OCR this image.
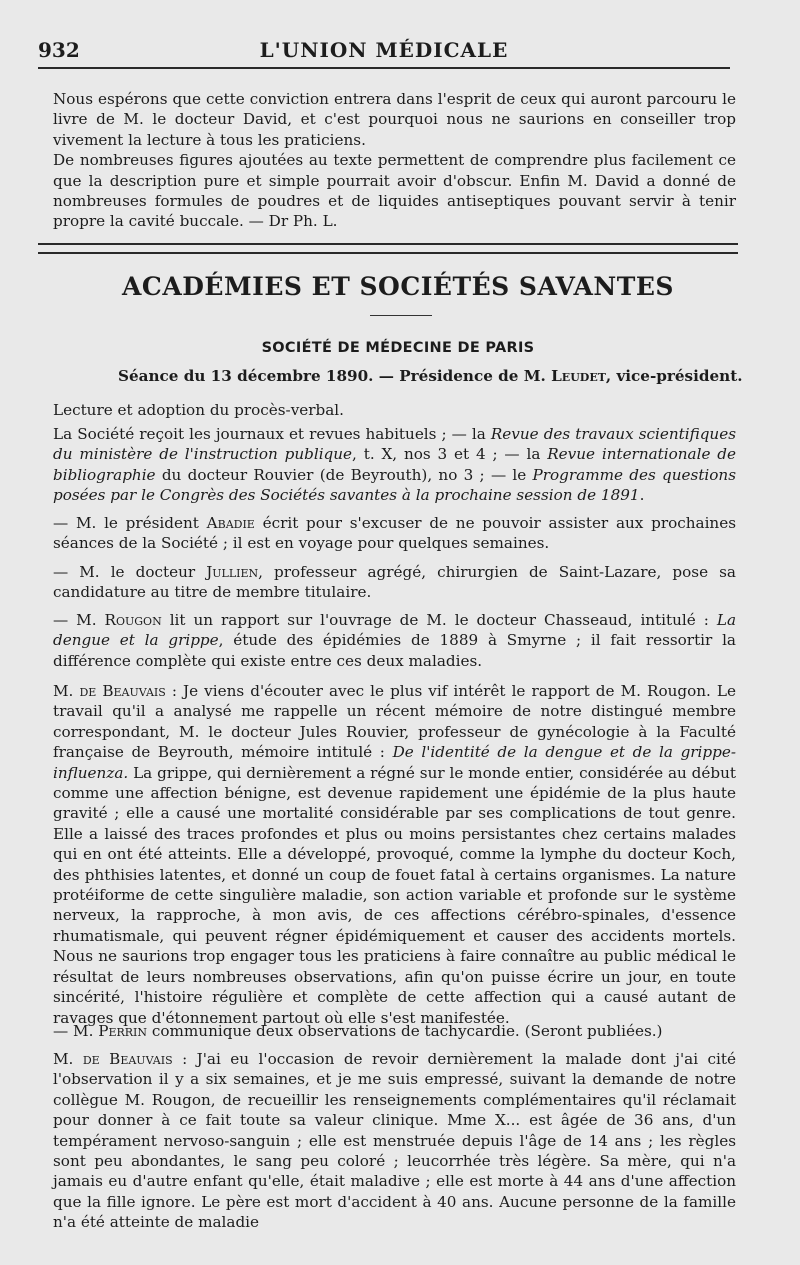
L'UNION MÉDICALE
932

Nous espérons que cette conviction entrera dans l'esprit de ceux qui auront parcouru le livre de M. le docteur David, et c'est pourquoi nous ne saurions en conseiller trop vivement la lecture à tous les praticiens.

De nombreuses figures ajoutées au texte permettent de comprendre plus facilement ce que la description pure et simple pourrait avoir d'obscur. Enfin M. David a donné de nombreuses formules de poudres et de liquides antiseptiques pouvant servir à tenir propre la cavité buccale. — Dr Ph. L.

ACADÉMIES ET SOCIÉTÉS SAVANTES
SOCIÉTÉ DE MÉDECINE DE PARIS
Séance du 13 décembre 1890. — Présidence de M. Leudet, vice-président.

Lecture et adoption du procès-verbal.

La Société reçoit les journaux et revues habituels ; — la Revue des travaux scientifiques du ministère de l'instruction publique, t. X, nos 3 et 4 ; — la Revue internationale de bibliographie du docteur Rouvier (de Beyrouth), no 3 ; — le Programme des questions posées par le Congrès des Sociétés savantes à la prochaine session de 1891.

— M. le président Abadie écrit pour s'excuser de ne pouvoir assister aux prochaines séances de la Société ; il est en voyage pour quelques semaines.

— M. le docteur Jullien, professeur agrégé, chirurgien de Saint-Lazare, pose sa candidature au titre de membre titulaire.

— M. Rougon lit un rapport sur l'ouvrage de M. le docteur Chasseaud, intitulé : La dengue et la grippe, étude des épidémies de 1889 à Smyrne ; il fait ressortir la différence complète qui existe entre ces deux maladies.

M. de Beauvais : Je viens d'écouter avec le plus vif intérêt le rapport de M. Rougon. Le travail qu'il a analysé me rappelle un récent mémoire de notre distingué membre correspondant, M. le docteur Jules Rouvier, professeur de gynécologie à la Faculté française de Beyrouth, mémoire intitulé : De l'identité de la dengue et de la grippe-influenza. La grippe, qui dernièrement a régné sur le monde entier, considérée au début comme une affection bénigne, est devenue rapidement une épidémie de la plus haute gravité ; elle a causé une mortalité considérable par ses complications de tout genre. Elle a laissé des traces profondes et plus ou moins persistantes chez certains malades qui en ont été atteints. Elle a développé, provoqué, comme la lymphe du docteur Koch, des phthisies latentes, et donné un coup de fouet fatal à certains organismes. La nature protéiforme de cette singulière maladie, son action variable et profonde sur le système nerveux, la rapproche, à mon avis, de ces affections cérébro-spinales, d'essence rhumatismale, qui peuvent régner épidémiquement et causer des accidents mortels. Nous ne saurions trop engager tous les praticiens à faire connaître au public médical le résultat de leurs nombreuses observations, afin qu'on puisse écrire un jour, en toute sincérité, l'histoire régulière et complète de cette affection qui a causé autant de ravages que d'étonnement partout où elle s'est manifestée.

— M. Perrin communique deux observations de tachycardie. (Seront publiées.)

M. de Beauvais : J'ai eu l'occasion de revoir dernièrement la malade dont j'ai cité l'observation il y a six semaines, et je me suis empressé, suivant la demande de notre collègue M. Rougon, de recueillir les renseignements complémentaires qu'il réclamait pour donner à ce fait toute sa valeur clinique. Mme X... est âgée de 36 ans, d'un tempérament nervoso-sanguin ; elle est menstruée depuis l'âge de 14 ans ; les règles sont peu abondantes, le sang peu coloré ; leucorrhée très légère. Sa mère, qui n'a jamais eu d'autre enfant qu'elle, était maladive ; elle est morte à 44 ans d'une affection que la fille ignore. Le père est mort d'accident à 40 ans. Aucune personne de la famille n'a été atteinte de maladie
